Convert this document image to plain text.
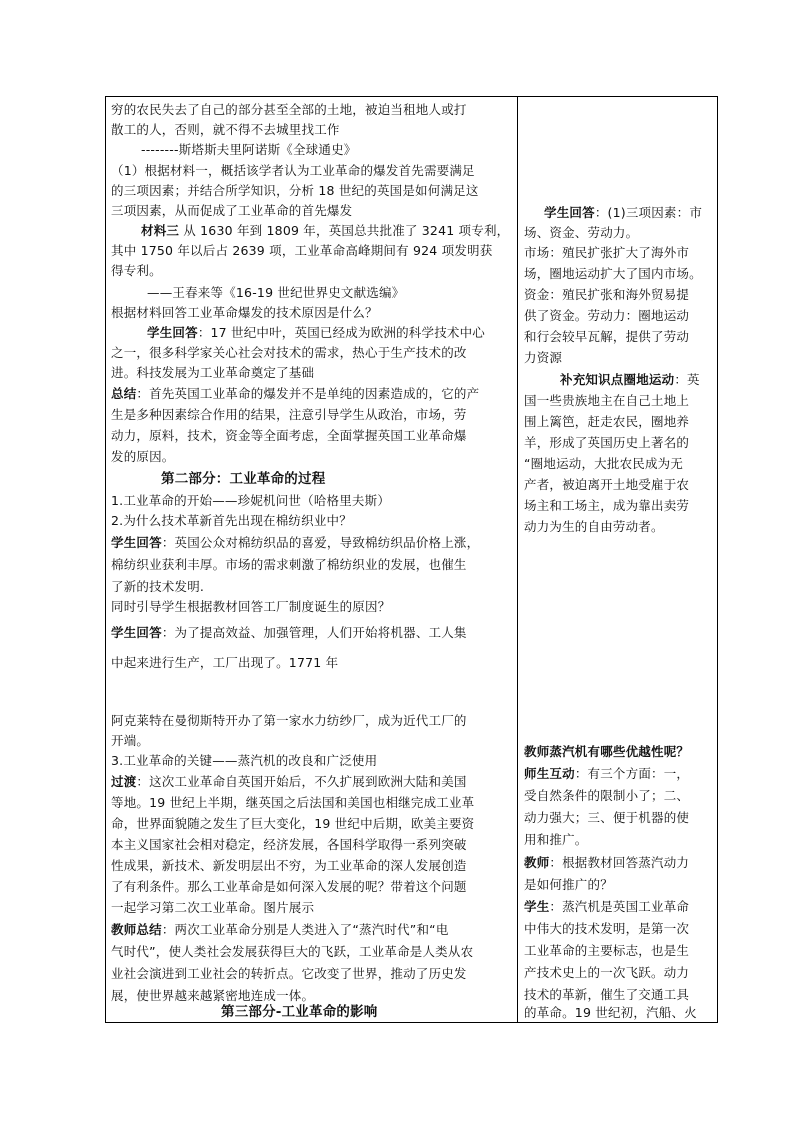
穷的农民失去了自己的部分甚至全部的土地，被迫当租地人或打

散工的人，否则，就不得不去城里找工作

--------斯塔斯夫里阿诺斯《全球通史》

（1）根据材料一，概括该学者认为工业革命的爆发首先需要满足

的三项因素；并结合所学知识，分析 18 世纪的英国是如何满足这

三项因素，从而促成了工业革命的首先爆发

材料三 从 1630 年到 1809 年，英国总共批准了 3241 项专利，

其中 1750 年以后占 2639 项，工业革命高峰期间有 924 项发明获

得专利。

——王春来等《16-19 世纪世界史文献选编》

根据材料回答工业革命爆发的技术原因是什么？

学生回答：17 世纪中叶，英国已经成为欧洲的科学技术中心

之一，很多科学家关心社会对技术的需求，热心于生产技术的改

进。科技发展为工业革命奠定了基础

总结：首先英国工业革命的爆发并不是单纯的因素造成的，它的产

生是多种因素综合作用的结果，注意引导学生从政治，市场，劳

动力，原料，技术，资金等全面考虑，全面掌握英国工业革命爆

第二部分：工业革命的过程

发的原因。

1.工业革命的开始——珍妮机问世（哈格里夫斯）

2.为什么技术革新首先出现在棉纺织业中？

学生回答：英国公众对棉纺织品的喜爱，导致棉纺织品价格上涨，

棉纺织业获利丰厚。市场的需求刺激了棉纺织业的发展，也催生

了新的技术发明.

同时引导学生根据教材回答工厂制度诞生的原因？

学生回答：为了提高效益、加强管理，人们开始将机器、工人集

中起来进行生产，工厂出现了。1771 年

阿克莱特在曼彻斯特开办了第一家水力纺纱厂，成为近代工厂的

开端。

3.工业革命的关键——蒸汽机的改良和广泛使用

过渡：这次工业革命自英国开始后，不久扩展到欧洲大陆和美国

等地。19 世纪上半期，继英国之后法国和美国也相继完成工业革

命，世界面貌随之发生了巨大变化，19 世纪中后期，欧美主要资

本主义国家社会相对稳定，经济发展，各国科学取得一系列突破

性成果，新技术、新发明层出不穷，为工业革命的深人发展创造

了有利条件。那么工业革命是如何深入发展的呢？带着这个问题

一起学习第二次工业革命。图片展示

教师总结：两次工业革命分别是人类进入了“蒸汽时代”和“电

气时代”，使人类社会发展获得巨大的飞跃，工业革命是人类从农

业社会演进到工业社会的转折点。它改变了世界，推动了历史发

展，使世界越来越紧密地连成一体。

第三部分-工业革命的影响

学生回答：(1)三项因素：市

场、资金、劳动力。

市场：殖民扩张扩大了海外市

场，圈地运动扩大了国内市场。

资金：殖民扩张和海外贸易提

供了资金。劳动力：圈地运动

和行会较早瓦解，提供了劳动

力资源

补充知识点圈地运动：英

国一些贵族地主在自己土地上

围上篱笆，赶走农民，圈地养

羊，形成了英国历史上著名的

“圈地运动，大批农民成为无

产者，被迫离开土地受雇于农

场主和工场主，成为靠出卖劳

动力为生的自由劳动者。

教师蒸汽机有哪些优越性呢？

师生互动：有三个方面：一，

受自然条件的限制小了；二、

动力强大；三、便于机器的使

用和推广。

教师：根据教材回答蒸汽动力

是如何推广的？

学生：蒸汽机是英国工业革命

中伟大的技术发明，是第一次

工业革命的主要标志，也是生

产技术史上的一次飞跃。动力

技术的革新，催生了交通工具

的革命。19 世纪初，汽船、火
